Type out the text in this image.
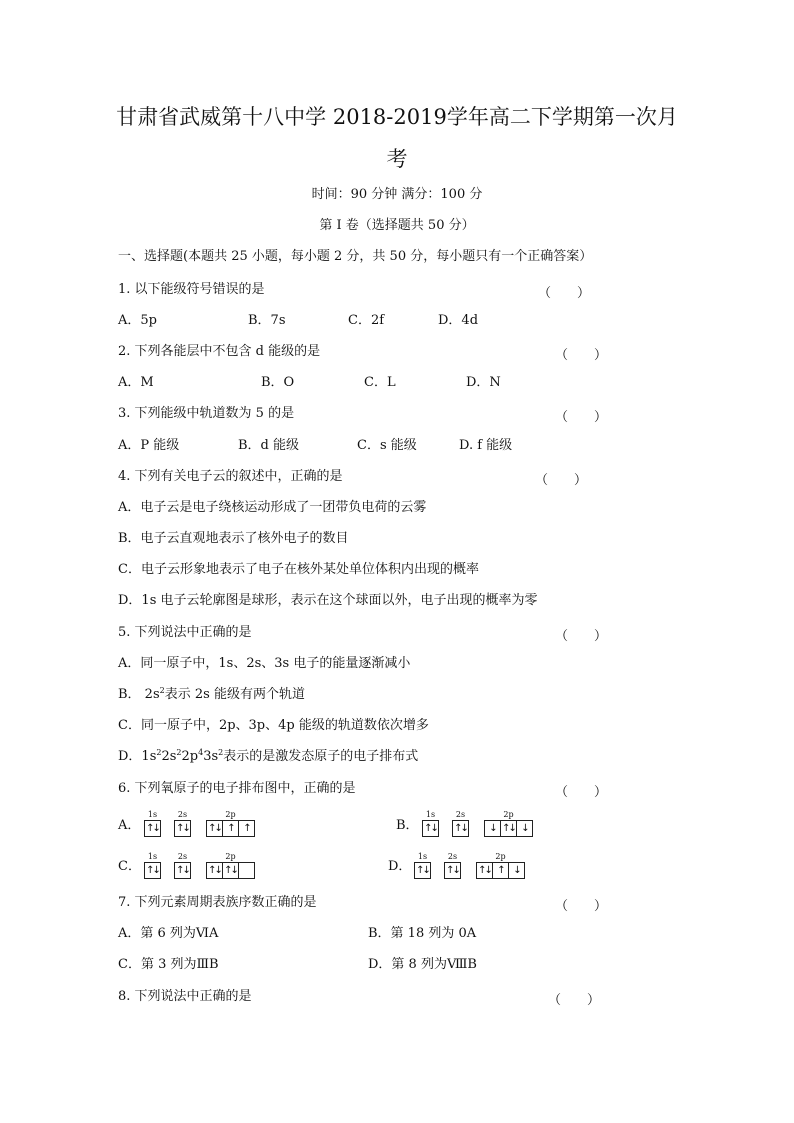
甘肃省武威第十八中学 2018-2019学年高二下学期第一次月
考
时间：90 分钟 满分：100 分
第 I 卷（选择题共 50 分）
一、选择题(本题共 25 小题，每小题 2 分，共 50 分，每小题只有一个正确答案）
1. 以下能级符号错误的是	（　　）
A．5p	B．7s	C．2f	D．4d
2. 下列各能层中不包含 d 能级的是	（　　）
A．M	B．O	C．L	D．N
3. 下列能级中轨道数为 5 的是	（　　）
A．P 能级	B．d 能级	C．s 能级	D. f 能级
4. 下列有关电子云的叙述中，正确的是	（　　）
A．电子云是电子绕核运动形成了一团带负电荷的云雾
B．电子云直观地表示了核外电子的数目
C．电子云形象地表示了电子在核外某处单位体积内出现的概率
D．1s 电子云轮廓图是球形，表示在这个球面以外，电子出现的概率为零
5. 下列说法中正确的是	（　　）
A．同一原子中，1s、2s、3s 电子的能量逐渐减小
B． $2s^2$表示 2s 能级有两个轨道
C．同一原子中，2p、3p、4p 能级的轨道数依次增多
D．$1s^22s^22p^43s^2$表示的是激发态原子的电子排布式
6. 下列氧原子的电子排布图中，正确的是	（　　）
A．
1s
↑↓
2s
↑↓
2p
↑↓ ↑ ↑	B．
1s
↑↓
2s
↑↓
2p
↓ ↑↓ ↓
C．
1s
↑↓
2s
↑↓
2p
↑↓ ↑↓	D．
1s
↑↓
2s
↑↓
2p
↑↓ ↑ ↓
7. 下列元素周期表族序数正确的是	（　　）
A．第 6 列为ⅥA	B．第 18 列为 0A
C．第 3 列为ⅢB	D．第 8 列为ⅧB
8. 下列说法中正确的是	（　　）
